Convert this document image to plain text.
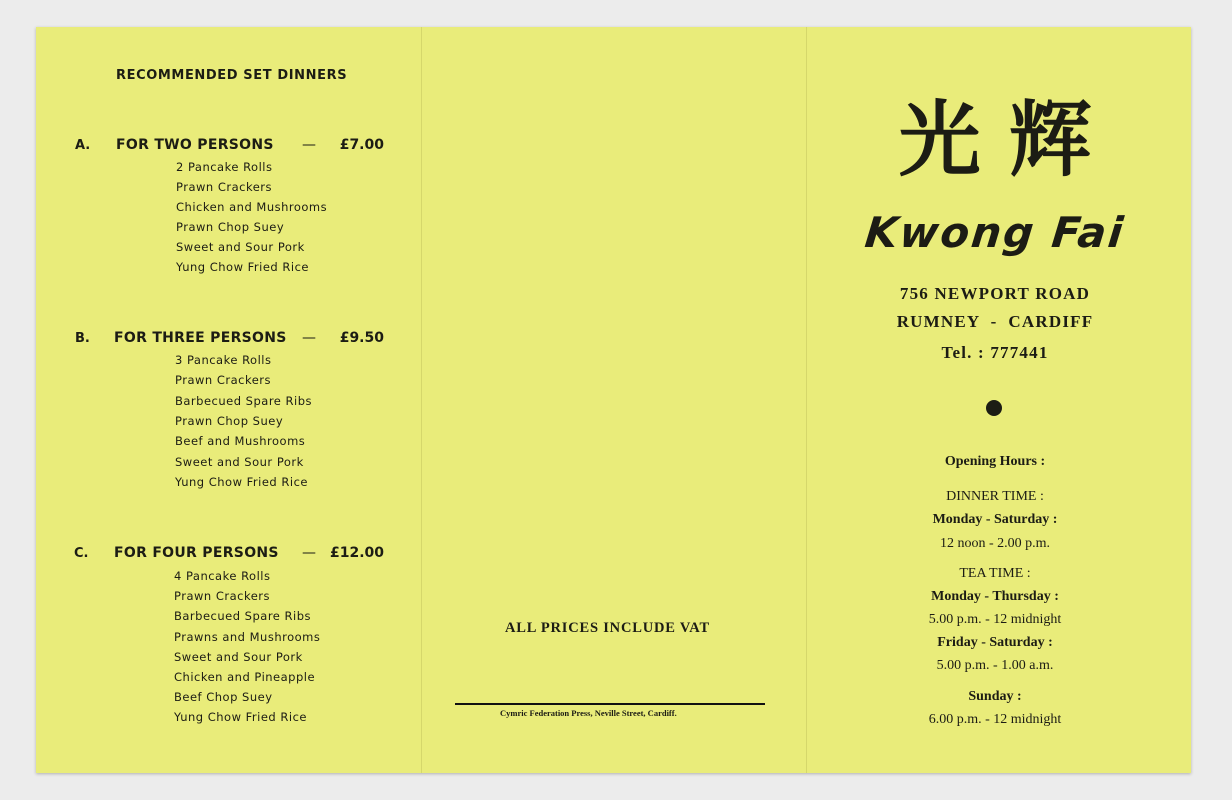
RECOMMENDED SET DINNERS
A. FOR TWO PERSONS —	£7.00
2 Pancake Rolls
Prawn Crackers
Chicken and Mushrooms
Prawn Chop Suey
Sweet and Sour Pork
Yung Chow Fried Rice
B. FOR THREE PERSONS —	£9.50
3 Pancake Rolls
Prawn Crackers
Barbecued Spare Ribs
Prawn Chop Suey
Beef and Mushrooms
Sweet and Sour Pork
Yung Chow Fried Rice
C. FOR FOUR PERSONS — £12.00
4 Pancake Rolls
Prawn Crackers
Barbecued Spare Ribs
Prawns and Mushrooms
Sweet and Sour Pork
Chicken and Pineapple
Beef Chop Suey
Yung Chow Fried Rice
ALL PRICES INCLUDE VAT
Cymric Federation Press, Neville Street, Cardiff.
光 辉
Kwong Fai
756 NEWPORT ROAD
RUMNEY  -  CARDIFF
Tel. : 777441
Opening Hours :
DINNER TIME :
Monday - Saturday :
12 noon - 2.00 p.m.
TEA TIME :
Monday - Thursday :
5.00 p.m. - 12 midnight
Friday - Saturday :
5.00 p.m. - 1.00 a.m.
Sunday :
6.00 p.m. - 12 midnight
